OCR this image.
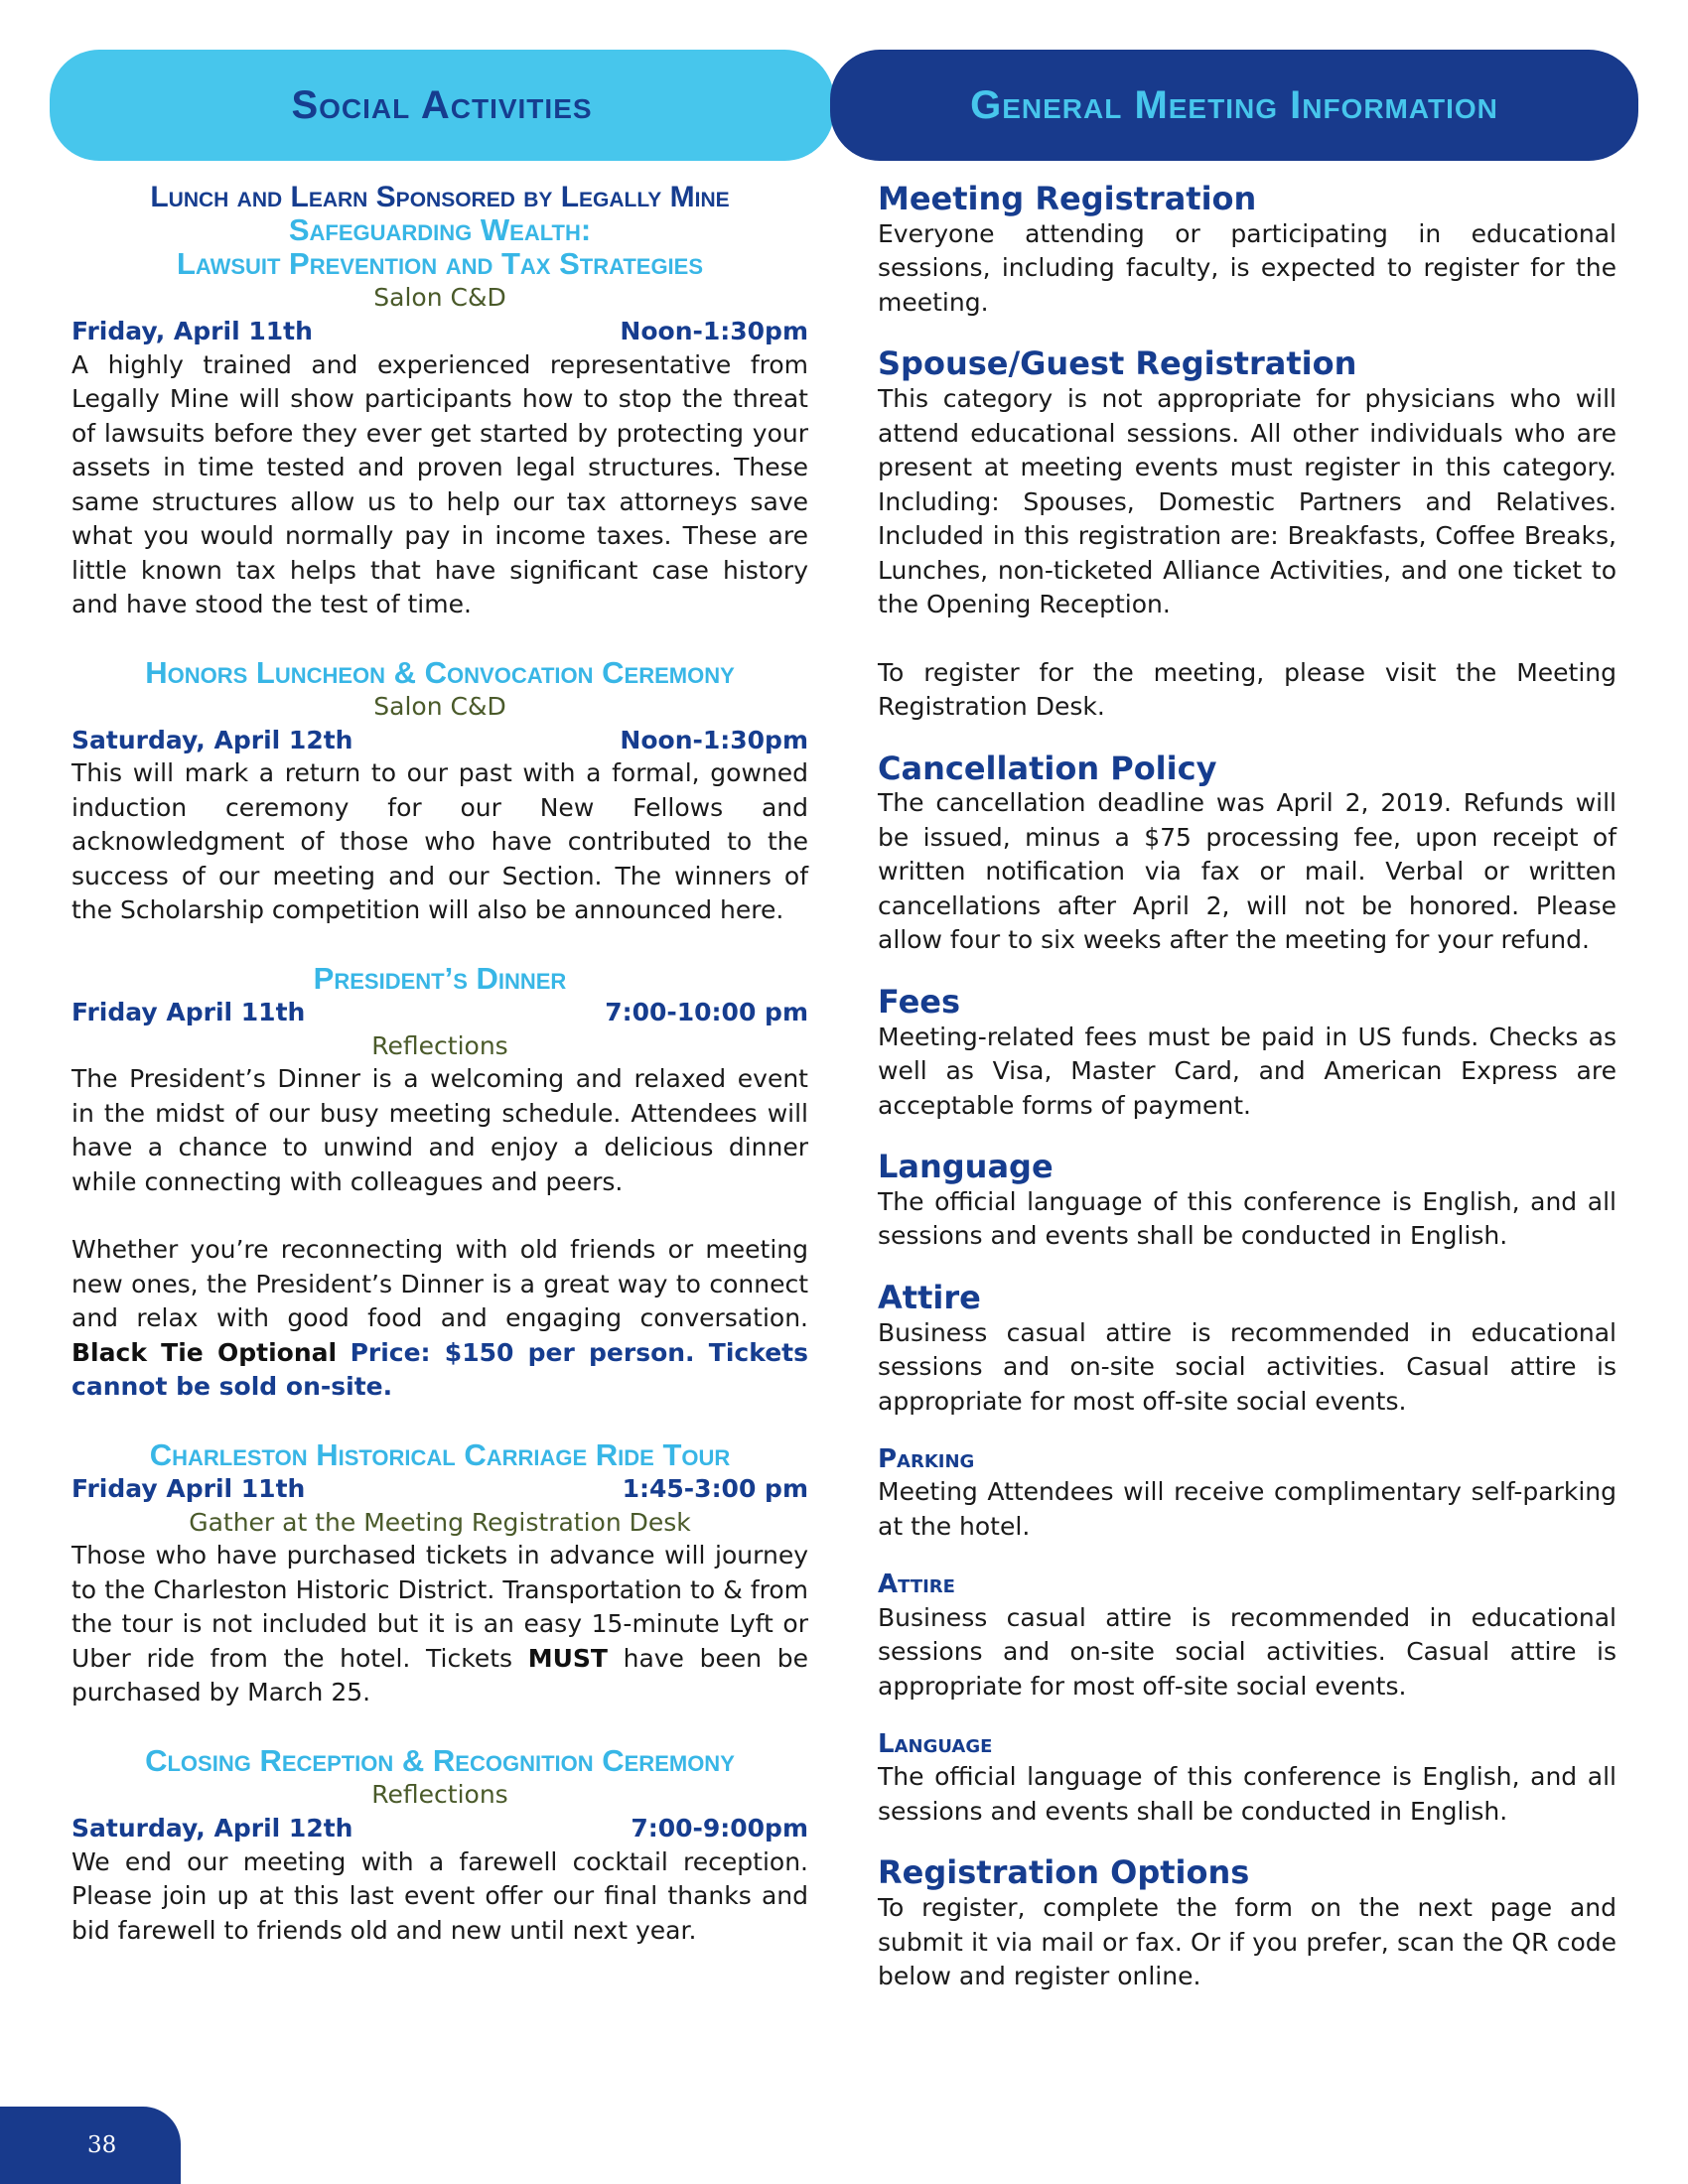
Social Activities	General Meeting Information
Lunch and Learn Sponsored by Legally Mine
Safeguarding Wealth:
Lawsuit Prevention and Tax Strategies
Salon C&D
Friday, April 11th	Noon-1:30pm

A highly trained and experienced representative from Legally Mine will show participants how to stop the threat of lawsuits before they ever get started by protecting your assets in time tested and proven legal structures. These same structures allow us to help our tax attorneys save what you would normally pay in income taxes. These are little known tax helps that have significant case history and have stood the test of time.

Honors Luncheon & Convocation Ceremony
Salon C&D
Saturday, April 12th	Noon-1:30pm

This will mark a return to our past with a formal, gowned induction ceremony for our New Fellows and acknowledgment of those who have contributed to the success of our meeting and our Section. The winners of the Scholarship competition will also be announced here.

President’s Dinner
Friday April 11th	7:00-10:00 pm
Reflections

The President’s Dinner is a welcoming and relaxed event in the midst of our busy meeting schedule. Attendees will have a chance to unwind and enjoy a delicious dinner while connecting with colleagues and peers.

Whether you’re reconnecting with old friends or meeting new ones, the President’s Dinner is a great way to connect and relax with good food and engaging conversation. Black Tie Optional Price: $150 per person. Tickets cannot be sold on-site.

Charleston Historical Carriage Ride Tour
Friday April 11th	1:45-3:00 pm
Gather at the Meeting Registration Desk

Those who have purchased tickets in advance will journey to the Charleston Historic District. Transportation to & from the tour is not included but it is an easy 15-minute Lyft or Uber ride from the hotel. Tickets MUST have been be purchased by March 25.

Closing Reception & Recognition Ceremony
Reflections
Saturday, April 12th	7:00-9:00pm

We end our meeting with a farewell cocktail reception. Please join up at this last event offer our final thanks and bid farewell to friends old and new until next year.

Meeting Registration

Everyone attending or participating in educational sessions, including faculty, is expected to register for the meeting.

Spouse/Guest Registration

This category is not appropriate for physicians who will attend educational sessions. All other individuals who are present at meeting events must register in this category. Including: Spouses, Domestic Partners and Relatives. Included in this registration are: Breakfasts, Coffee Breaks, Lunches, non-ticketed Alliance Activities, and one ticket to the Opening Reception.

To register for the meeting, please visit the Meeting Registration Desk.

Cancellation Policy

The cancellation deadline was April 2, 2019. Refunds will be issued, minus a $75 processing fee, upon receipt of written notification via fax or mail. Verbal or written cancellations after April 2, will not be honored. Please allow four to six weeks after the meeting for your refund.

Fees

Meeting-related fees must be paid in US funds. Checks as well as Visa, Master Card, and American Express are acceptable forms of payment.

Language

The official language of this conference is English, and all sessions and events shall be conducted in English.

Attire

Business casual attire is recommended in educational sessions and on-site social activities. Casual attire is appropriate for most off-site social events.

Parking

Meeting Attendees will receive complimentary self-parking at the hotel.

Attire

Business casual attire is recommended in educational sessions and on-site social activities. Casual attire is appropriate for most off-site social events.

Language

The official language of this conference is English, and all sessions and events shall be conducted in English.

Registration Options

To register, complete the form on the next page and submit it via mail or fax. Or if you prefer, scan the QR code below and register online.

38
